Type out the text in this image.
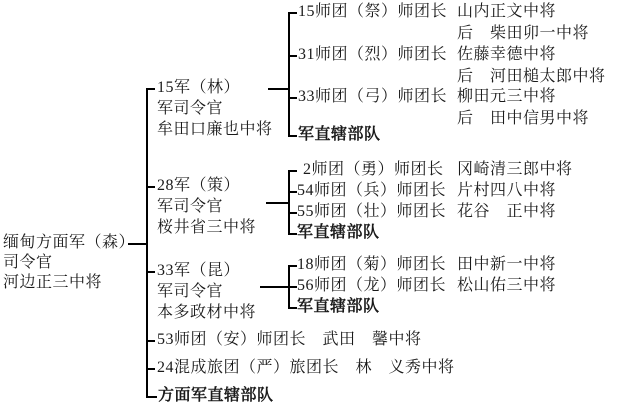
缅甸方面军（森）
司令官
河边正三中将
15军（林）
军司令官
牟田口廉也中将
15师团（祭）师团长 山内正文中将
后　柴田卯一中将
31师团（烈）师团长 佐藤幸德中将
后　河田槌太郎中将
33师团（弓）师团长 柳田元三中将
后　田中信男中将
军直辖部队
28军（策）
军司令官
桜井省三中将
2师团（勇）师团长 冈崎清三郎中将
54师团（兵）师团长 片村四八中将
55师团（壮）师团长 花谷　正中将
军直辖部队
33军（昆）
军司令官
本多政材中将
18师团（菊）师团长 田中新一中将
56师团（龙）师团长 松山佑三中将
军直辖部队
53师团（安）师团长　武田　馨中将
24混成旅团（严）旅团长　林　义秀中将
方面军直辖部队
